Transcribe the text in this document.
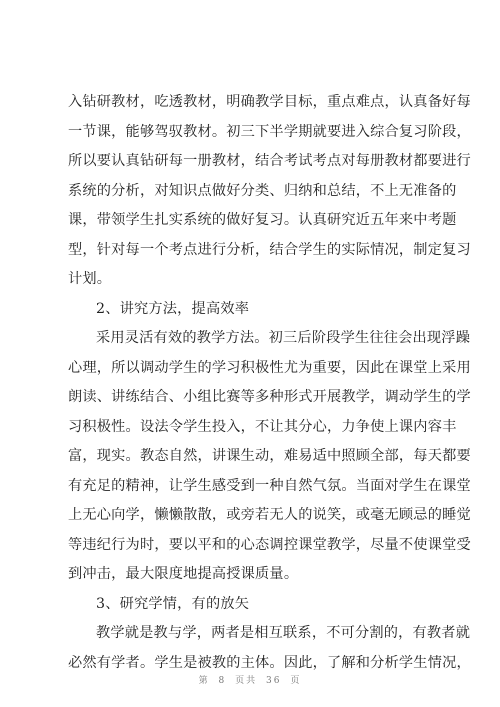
入钻研教材，吃透教材，明确教学目标，重点难点，认真备好每
一节课，能够驾驭教材。初三下半学期就要进入综合复习阶段，
所以要认真钻研每一册教材，结合考试考点对每册教材都要进行
系统的分析，对知识点做好分类、归纳和总结，不上无准备的
课，带领学生扎实系统的做好复习。认真研究近五年来中考题
型，针对每一个考点进行分析，结合学生的实际情况，制定复习
计划。
2、讲究方法，提高效率
采用灵活有效的教学方法。初三后阶段学生往往会出现浮躁
心理，所以调动学生的学习积极性尤为重要，因此在课堂上采用
朗读、讲练结合、小组比赛等多种形式开展教学，调动学生的学
习积极性。设法令学生投入，不让其分心，力争使上课内容丰
富，现实。教态自然，讲课生动，难易适中照顾全部，每天都要
有充足的精神，让学生感受到一种自然气氛。当面对学生在课堂
上无心向学，懒懒散散，或旁若无人的说笑，或毫无顾忌的睡觉
等违纪行为时，要以平和的心态调控课堂教学，尽量不使课堂受
到冲击，最大限度地提高授课质量。
3、研究学情，有的放矢
教学就是教与学，两者是相互联系，不可分割的，有教者就
必然有学者。学生是被教的主体。因此，了解和分析学生情况，
第 8 页共 36 页
